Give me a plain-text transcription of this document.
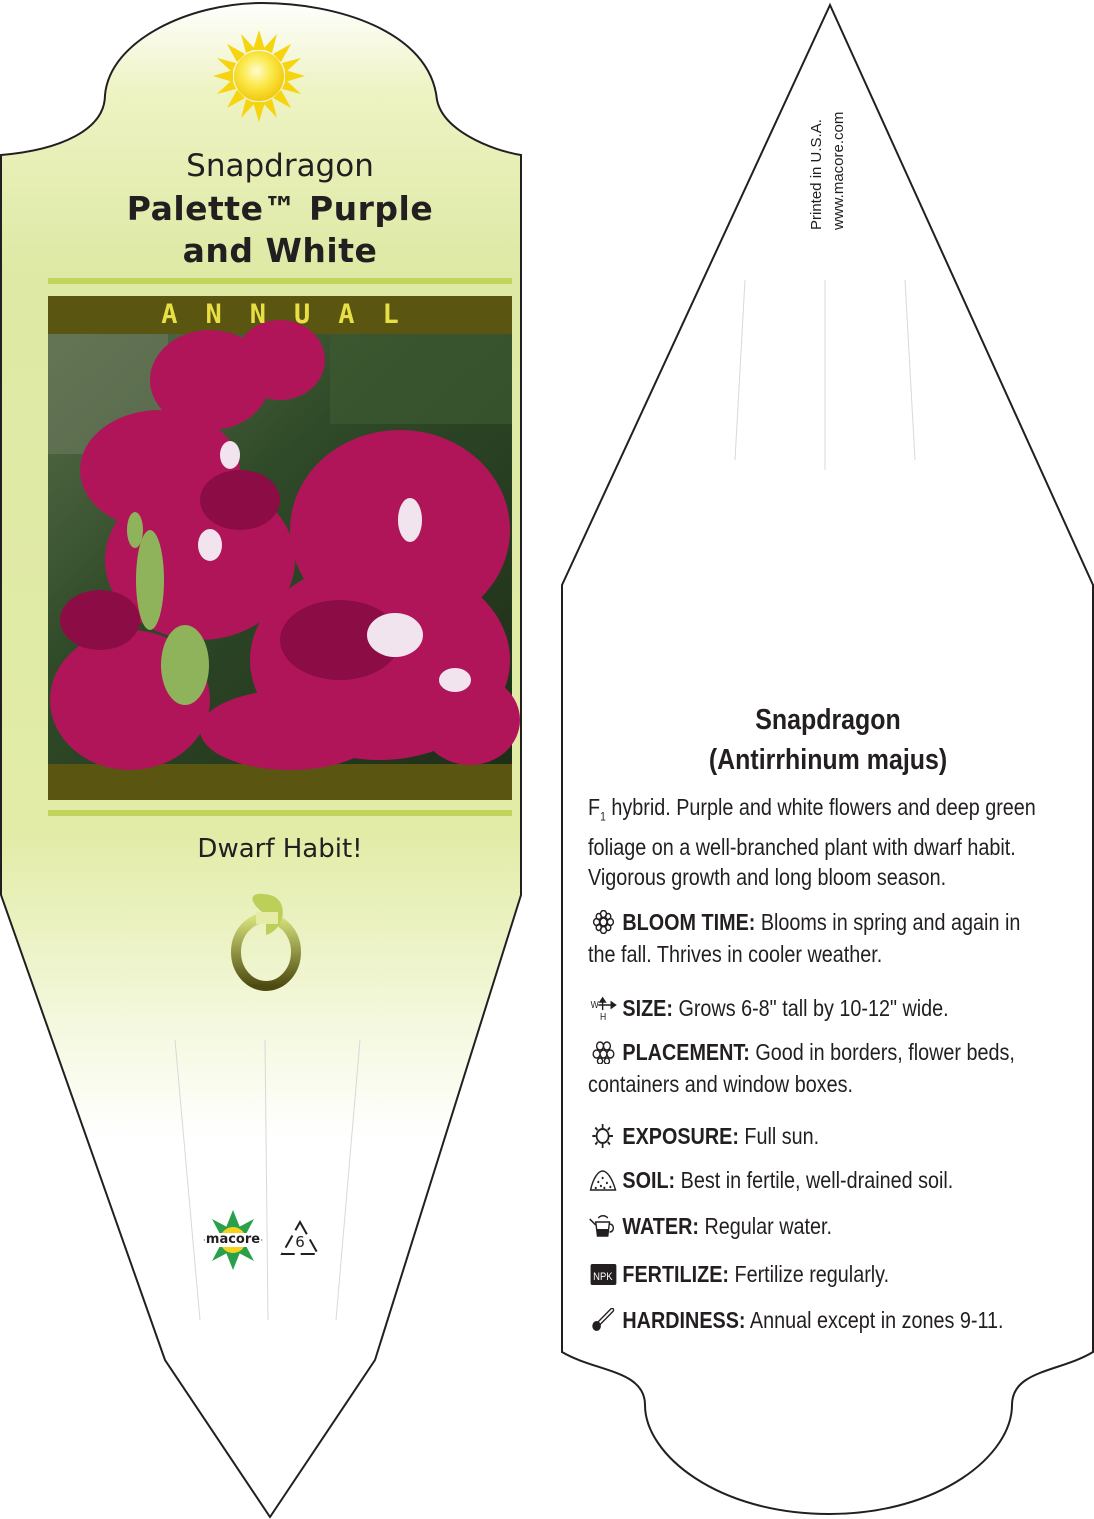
Snapdragon
Palette™ Purple
and White
ANNUAL
Dwarf Habit!
macore	6
Printed in U.S.A. www.macore.com
Snapdragon
(Antirrhinum majus)
$F_1$ hybrid. Purple and white flowers and deep green
foliage on a well-branched plant with dwarf habit.
Vigorous growth and long bloom season.
BLOOM TIME: Blooms in spring and again in
the fall. Thrives in cooler weather.
W
H SIZE: Grows 6-8" tall by 10-12" wide.
PLACEMENT: Good in borders, flower beds,
containers and window boxes.
EXPOSURE: Full sun.
SOIL: Best in fertile, well-drained soil.
WATER: Regular water.
NPK FERTILIZE: Fertilize regularly.
HARDINESS: Annual except in zones 9-11.
